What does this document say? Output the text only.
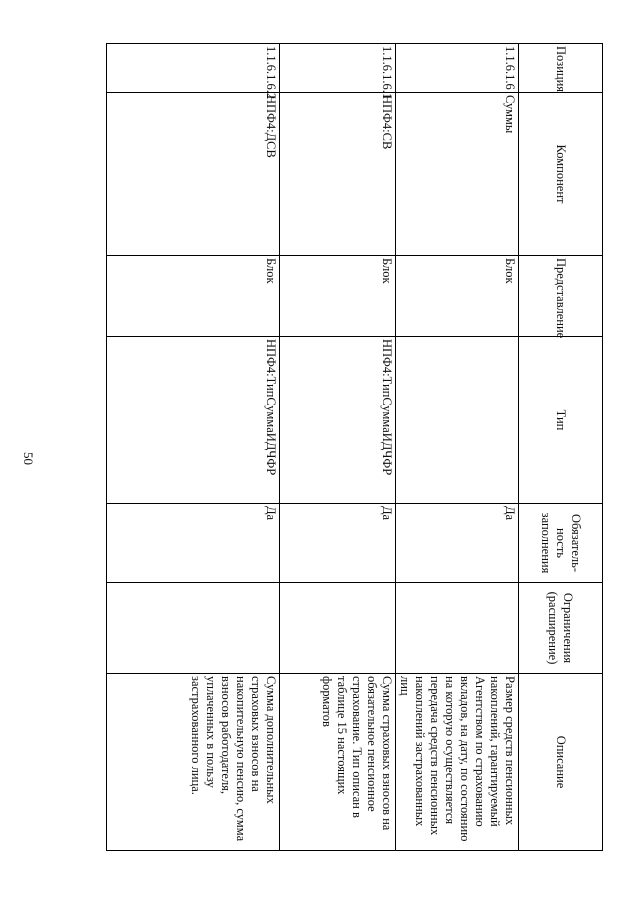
50
Позиция	Компонент	Представление	Тип	Обязатель-ность заполнения	Ограничения (расширение)	Описание
1.1.6.1.6	Суммы	Блок		Да		Размер средств пенсионных накоплений, гарантируемый Агентством по страхованию вкладов, на дату, по состоянию на которую осуществляется передача средств пенсионных накоплений застрахованных лиц
1.1.6.1.6.1	НПФ4:СВ	Блок	НПФ4:ТипСуммаИДЧФР	Да		Сумма страховых взносов на обязательное пенсионное страхование. Тип описан в таблице 15 настоящих форматов
1.1.6.1.6.2	НПФ4:ДСВ	Блок	НПФ4:ТипСуммаИДЧФР	Да		Сумма дополнительных страховых взносов на накопительную пенсию, сумма взносов работодателя, уплаченных в пользу застрахованного лица.
